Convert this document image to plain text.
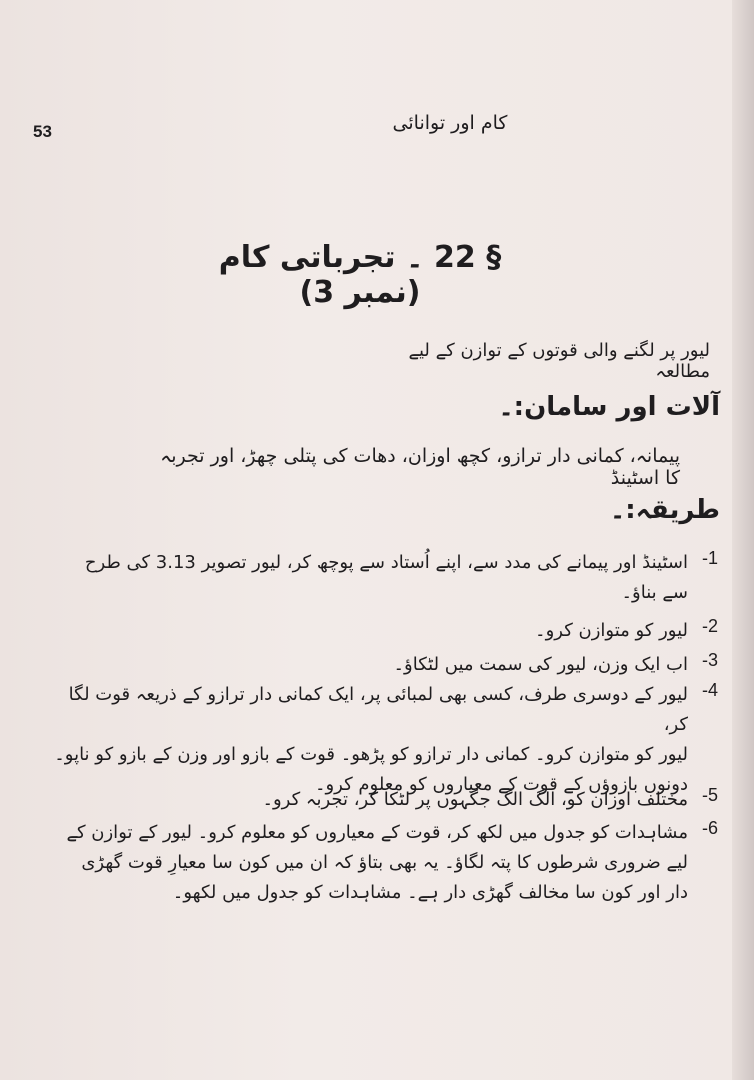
53	کام اور توانائی
§ 22 ۔ تجرباتی کام (نمبر 3)
لیور پر لگنے والی قوتوں کے توازن کے لیے مطالعہ
آلات اور سامان:۔
پیمانہ، کمانی دار ترازو، کچھ اوزان، دھات کی پتلی چھڑ، اور تجربہ کا اسٹینڈ
طریقہ:۔
-1
اسٹینڈ اور پیمانے کی مدد سے، اپنے اُستاد سے پوچھ کر، لیور تصویر 3.13 کی طرح
سے بناؤ۔
-2
لیور کو متوازن کرو۔
-3
اب ایک وزن، لیور کی سمت میں لٹکاؤ۔
-4
لیور کے دوسری طرف، کسی بھی لمبائی پر، ایک کمانی دار ترازو کے ذریعہ قوت لگا کر،
لیور کو متوازن کرو۔ کمانی دار ترازو کو پڑھو۔ قوت کے بازو اور وزن کے بازو کو ناپو۔
دونوں بازوؤں کے قوت کے معیاروں کو معلوم کرو۔	-5
مختلف اوزان کو، الگ الگ جگہوں پر لٹکا کر، تجربہ کرو۔
-6
مشاہدات کو جدول میں لکھ کر، قوت کے معیاروں کو معلوم کرو۔ لیور کے توازن کے
لیے ضروری شرطوں کا پتہ لگاؤ۔ یہ بھی بتاؤ کہ ان میں کون سا معیارِ قوت گھڑی
دار اور کون سا مخالف گھڑی دار ہے۔ مشاہدات کو جدول میں لکھو۔
